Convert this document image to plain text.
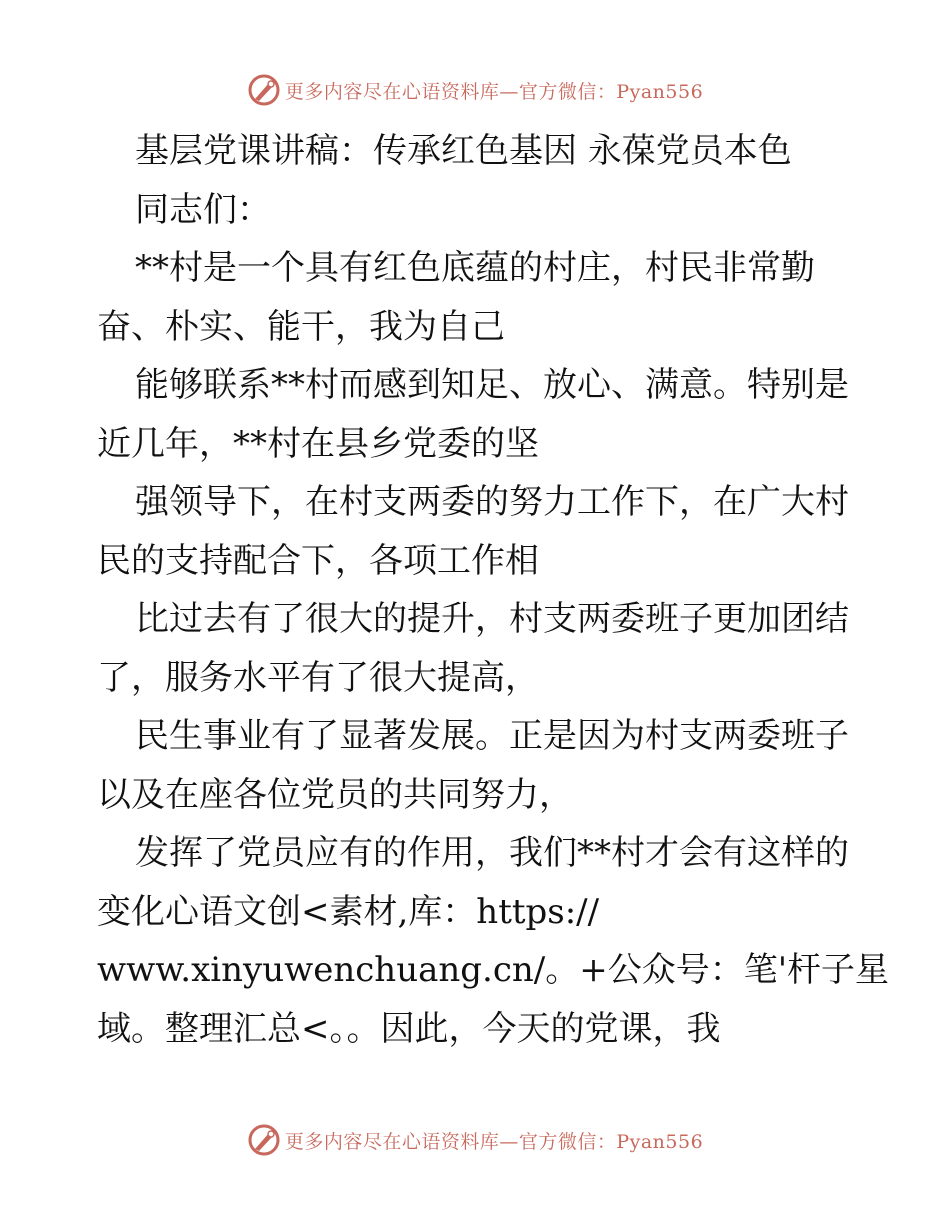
更多内容尽在心语资料库—官方微信：Pyan556
基层党课讲稿：传承红色基因 永葆党员本色
同志们：
**村是一个具有红色底蕴的村庄，村民非常勤
奋、朴实、能干，我为自己
能够联系**村而感到知足、放心、满意。特别是
近几年，**村在县乡党委的坚
强领导下，在村支两委的努力工作下，在广大村
民的支持配合下，各项工作相
比过去有了很大的提升，村支两委班子更加团结
了，服务水平有了很大提高，
民生事业有了显著发展。正是因为村支两委班子
以及在座各位党员的共同努力，
发挥了党员应有的作用，我们**村才会有这样的
变化心语文创<素材,库：https://
www.xinyuwenchuang.cn/。+公众号：笔'杆子星
域。整理汇总<。。因此，今天的党课，我
更多内容尽在心语资料库—官方微信：Pyan556
